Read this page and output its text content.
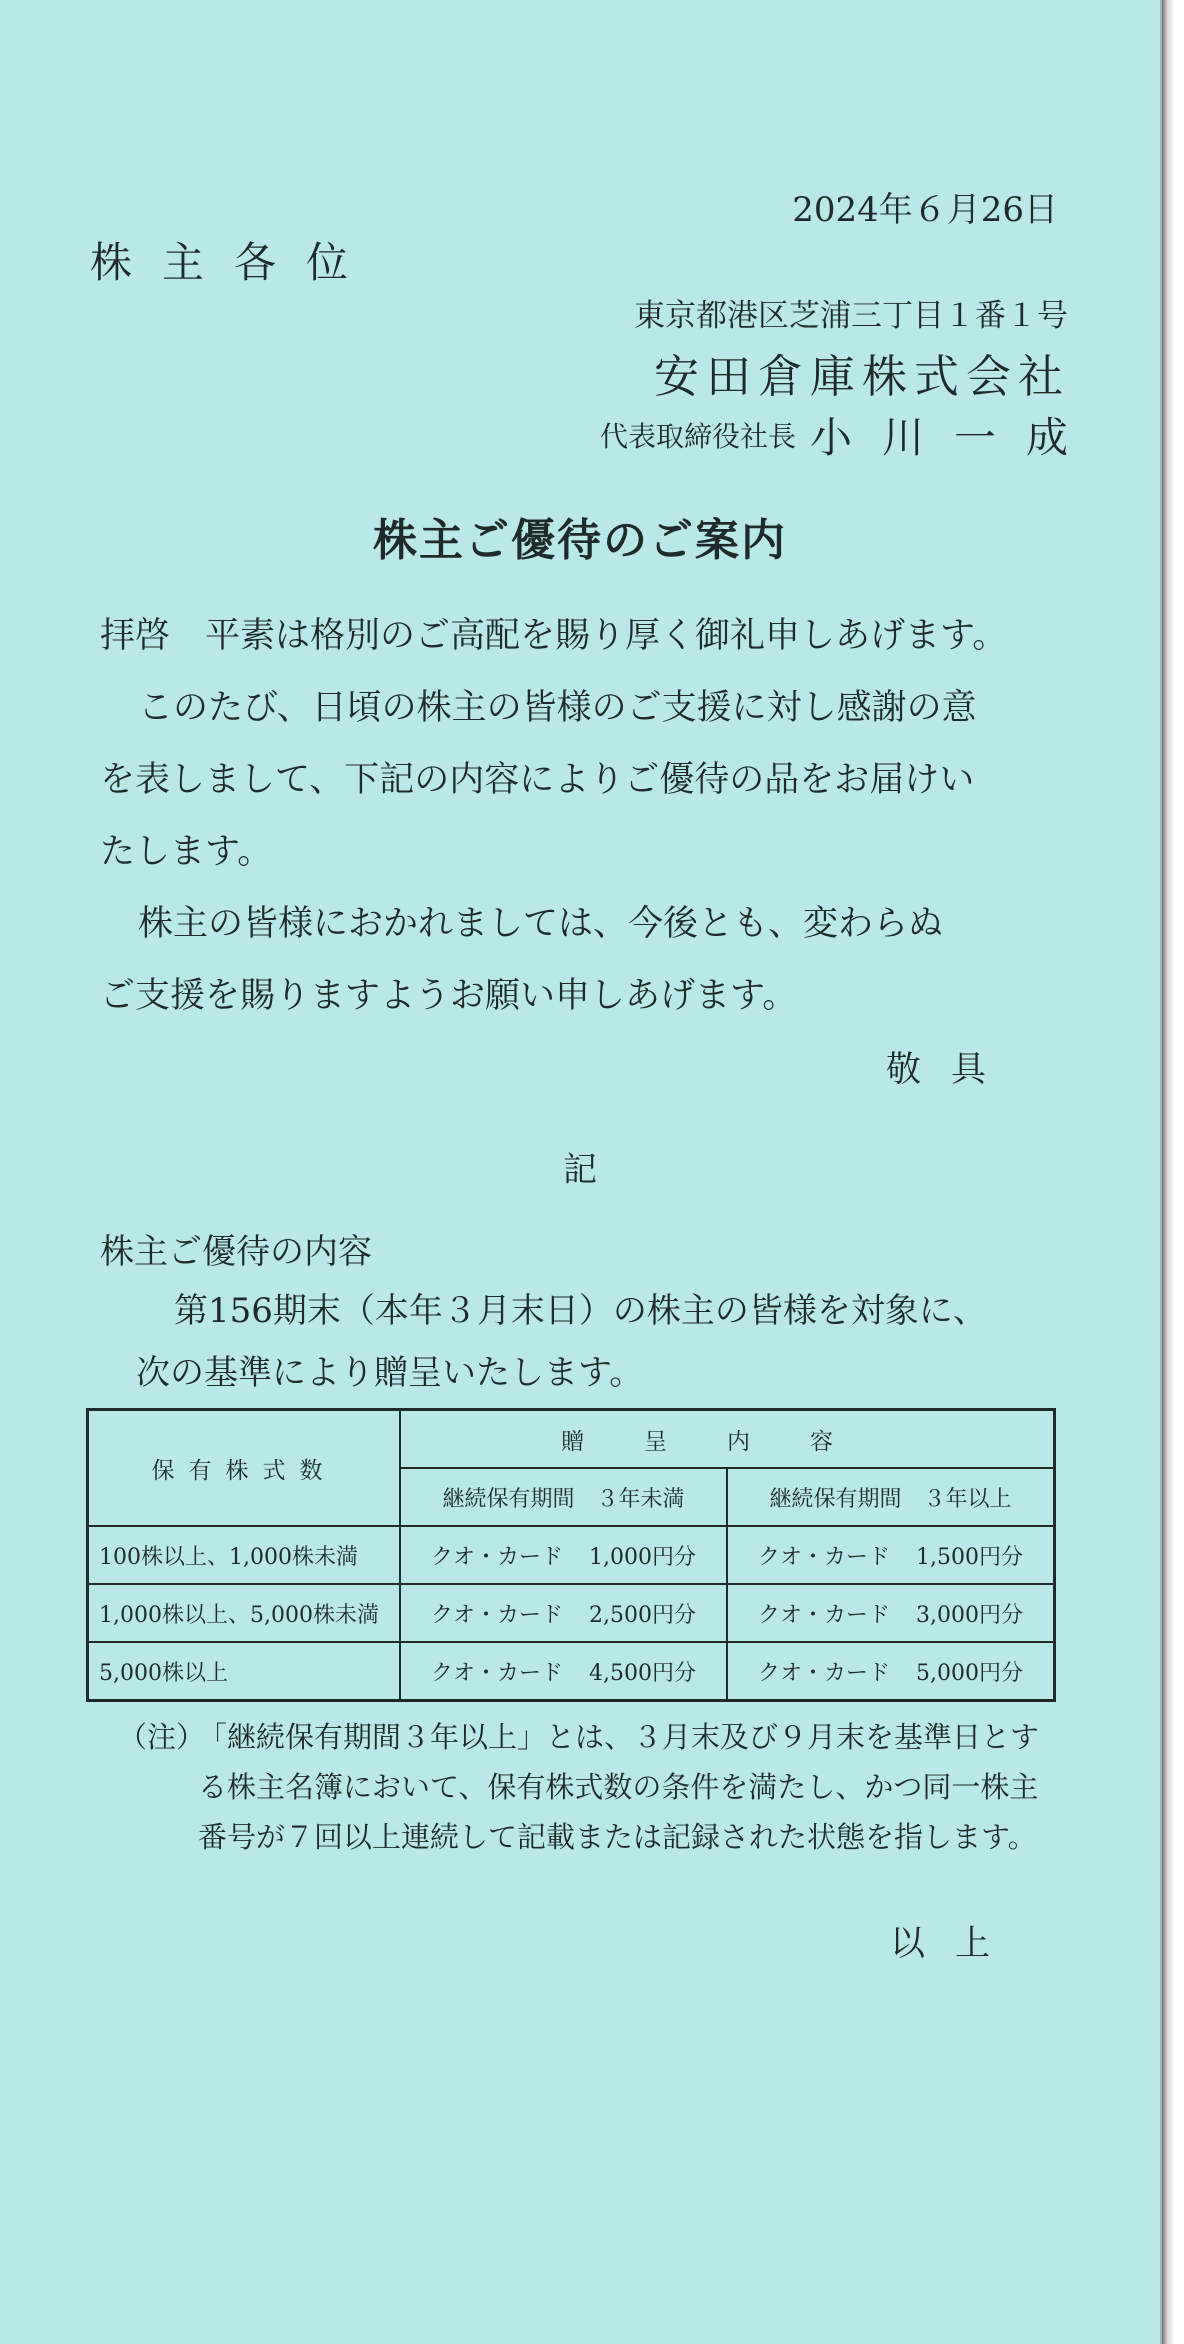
2024年６月26日
株主各位
東京都港区芝浦三丁目１番１号
安田倉庫株式会社
代表取締役社長 小川一成
株主ご優待のご案内
拝啓　平素は格別のご高配を賜り厚く御礼申しあげます。
このたび、日頃の株主の皆様のご支援に対し感謝の意
を表しまして、下記の内容によりご優待の品をお届けい
たします。
株主の皆様におかれましては、今後とも、変わらぬ
ご支援を賜りますようお願い申しあげます。
敬具
記
株主ご優待の内容
第156期末（本年３月末日）の株主の皆様を対象に、
次の基準により贈呈いたします。
保有株式数	贈呈内容	
	継続保有期間　３年未満	継続保有期間　３年以上
100株以上、1,000株未満	クオ・カード 1,000円分	クオ・カード 1,500円分
1,000株以上、5,000株未満	クオ・カード 2,500円分	クオ・カード 3,000円分
5,000株以上	クオ・カード 4,500円分	クオ・カード 5,000円分
（注）
「継続保有期間３年以上」とは、３月末及び９月末を基準日とす
る株主名簿において、保有株式数の条件を満たし、かつ同一株主
番号が７回以上連続して記載または記録された状態を指します。
以上
